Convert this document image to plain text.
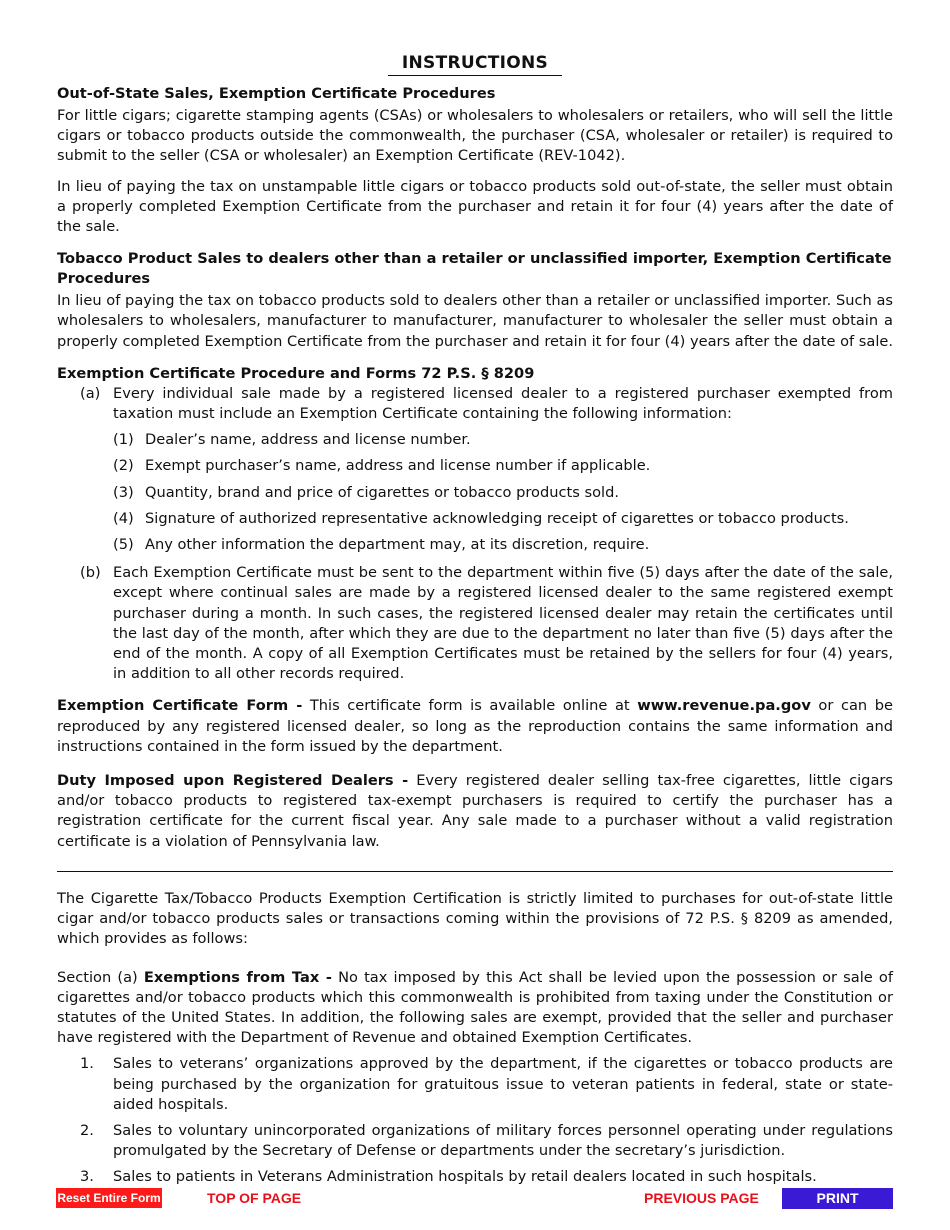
INSTRUCTIONS
Out-of-State Sales, Exemption Certificate Procedures
For little cigars; cigarette stamping agents (CSAs) or wholesalers to wholesalers or retailers, who will sell the little cigars or tobacco products outside the commonwealth, the purchaser (CSA, wholesaler or retailer) is required to submit to the seller (CSA or wholesaler) an Exemption Certificate (REV-1042).
In lieu of paying the tax on unstampable little cigars or tobacco products sold out-of-state, the seller must obtain a properly completed Exemption Certificate from the purchaser and retain it for four (4) years after the date of the sale.
Tobacco Product Sales to dealers other than a retailer or unclassified importer, Exemption Certificate Procedures
In lieu of paying the tax on tobacco products sold to dealers other than a retailer or unclassified importer. Such as wholesalers to wholesalers, manufacturer to manufacturer, manufacturer to wholesaler the seller must obtain a properly completed Exemption Certificate from the purchaser and retain it for four (4) years after the date of sale.
Exemption Certificate Procedure and Forms 72 P.S. § 8209
(a) Every individual sale made by a registered licensed dealer to a registered purchaser exempted from taxation must include an Exemption Certificate containing the following information:
(1) Dealer’s name, address and license number.
(2) Exempt purchaser’s name, address and license number if applicable.
(3) Quantity, brand and price of cigarettes or tobacco products sold.
(4) Signature of authorized representative acknowledging receipt of cigarettes or tobacco products.
(5) Any other information the department may, at its discretion, require.
(b) Each Exemption Certificate must be sent to the department within five (5) days after the date of the sale, except where continual sales are made by a registered licensed dealer to the same registered exempt purchaser during a month. In such cases, the registered licensed dealer may retain the certificates until the last day of the month, after which they are due to the department no later than five (5) days after the end of the month. A copy of all Exemption Certificates must be retained by the sellers for four (4) years, in addition to all other records required.
Exemption Certificate Form - This certificate form is available online at www.revenue.pa.gov or can be reproduced by any registered licensed dealer, so long as the reproduction contains the same information and instructions contained in the form issued by the department.
Duty Imposed upon Registered Dealers - Every registered dealer selling tax-free cigarettes, little cigars and/or tobacco products to registered tax-exempt purchasers is required to certify the purchaser has a registration certificate for the current fiscal year. Any sale made to a purchaser without a valid registration certificate is a violation of Pennsylvania law.
The Cigarette Tax/Tobacco Products Exemption Certification is strictly limited to purchases for out-of-state little cigar and/or tobacco products sales or transactions coming within the provisions of 72 P.S. § 8209 as amended, which provides as follows:
Section (a) Exemptions from Tax - No tax imposed by this Act shall be levied upon the possession or sale of cigarettes and/or tobacco products which this commonwealth is prohibited from taxing under the Constitution or statutes of the United States. In addition, the following sales are exempt, provided that the seller and purchaser have registered with the Department of Revenue and obtained Exemption Certificates.
1.	Sales to veterans’ organizations approved by the department, if the cigarettes or tobacco products are being purchased by the organization for gratuitous issue to veteran patients in federal, state or state-aided hospitals.
2.	Sales to voluntary unincorporated organizations of military forces personnel operating under regulations promulgated by the Secretary of Defense or departments under the secretary’s jurisdiction.
3.	Sales to patients in Veterans Administration hospitals by retail dealers located in such hospitals.
Reset Entire Form	TOP OF PAGE	PREVIOUS PAGE	PRINT
